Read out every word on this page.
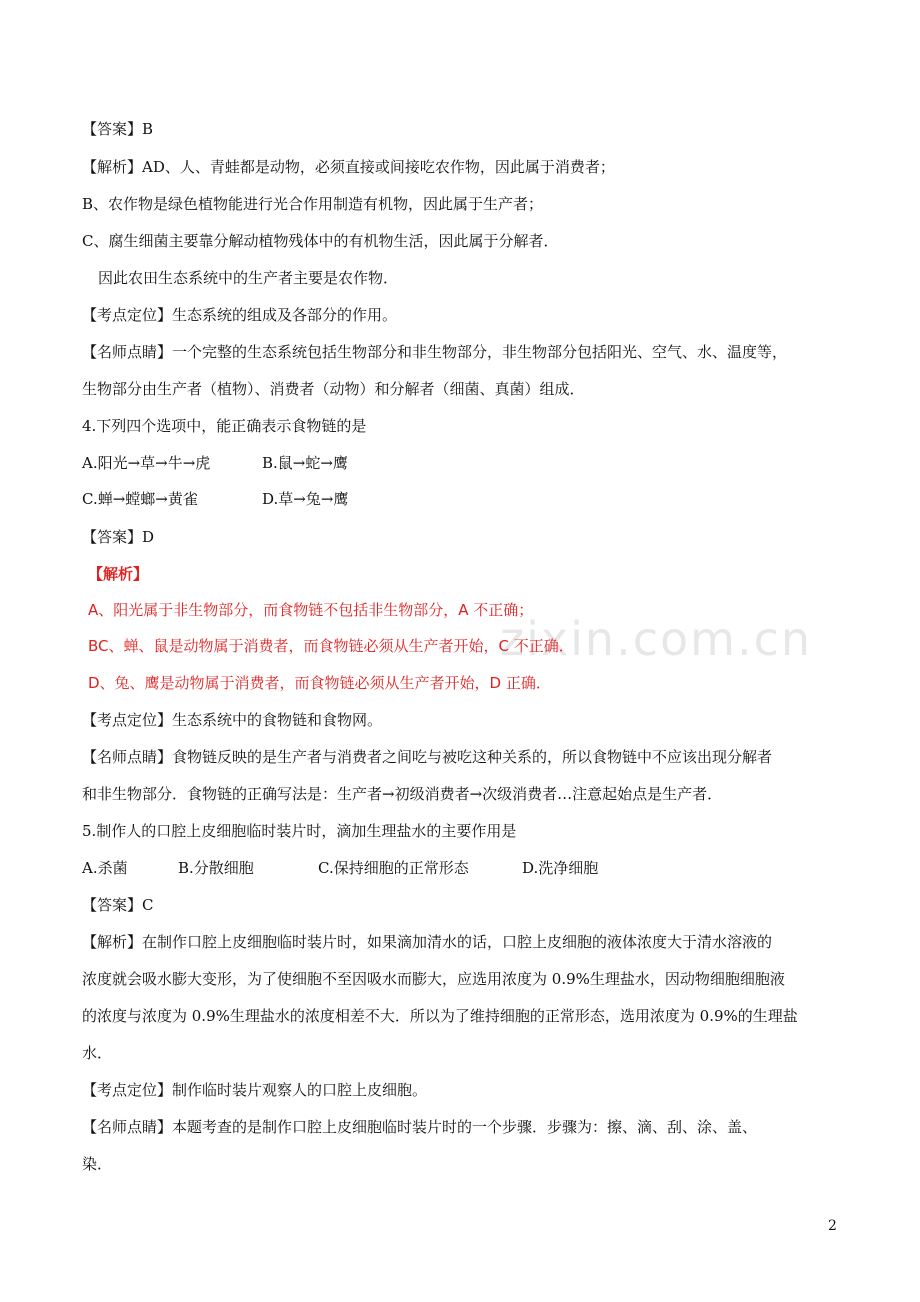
zixin.com.cn
【答案】B
【解析】AD、人、青蛙都是动物，必须直接或间接吃农作物，因此属于消费者；
B、农作物是绿色植物能进行光合作用制造有机物，因此属于生产者；
C、腐生细菌主要靠分解动植物残体中的有机物生活，因此属于分解者．
因此农田生态系统中的生产者主要是农作物．
【考点定位】生态系统的组成及各部分的作用。
【名师点睛】一个完整的生态系统包括生物部分和非生物部分，非生物部分包括阳光、空气、水、温度等，
生物部分由生产者（植物）、消费者（动物）和分解者（细菌、真菌）组成．
4.下列四个选项中，能正确表示食物链的是
A.阳光→草→牛→虎	B.鼠→蛇→鹰
C.蝉→螳螂→黄雀	D.草→兔→鹰
【答案】D
【解析】
A、阳光属于非生物部分，而食物链不包括非生物部分，A 不正确；
BC、蝉、鼠是动物属于消费者，而食物链必须从生产者开始，C 不正确．
D、兔、鹰是动物属于消费者，而食物链必须从生产者开始，D 正确．
【考点定位】生态系统中的食物链和食物网。
【名师点睛】食物链反映的是生产者与消费者之间吃与被吃这种关系的，所以食物链中不应该出现分解者
和非生物部分．食物链的正确写法是：生产者→初级消费者→次级消费者…注意起始点是生产者．
5.制作人的口腔上皮细胞临时装片时，滴加生理盐水的主要作用是
A.杀菌	B.分散细胞	C.保持细胞的正常形态	D.洗净细胞
【答案】C
【解析】在制作口腔上皮细胞临时装片时，如果滴加清水的话，口腔上皮细胞的液体浓度大于清水溶液的
浓度就会吸水膨大变形，为了使细胞不至因吸水而膨大，应选用浓度为 0.9%生理盐水，因动物细胞细胞液
的浓度与浓度为 0.9%生理盐水的浓度相差不大．所以为了维持细胞的正常形态，选用浓度为 0.9%的生理盐
水．
【考点定位】制作临时装片观察人的口腔上皮细胞。
【名师点睛】本题考查的是制作口腔上皮细胞临时装片时的一个步骤．步骤为：擦、滴、刮、涂、盖、
染．
2
